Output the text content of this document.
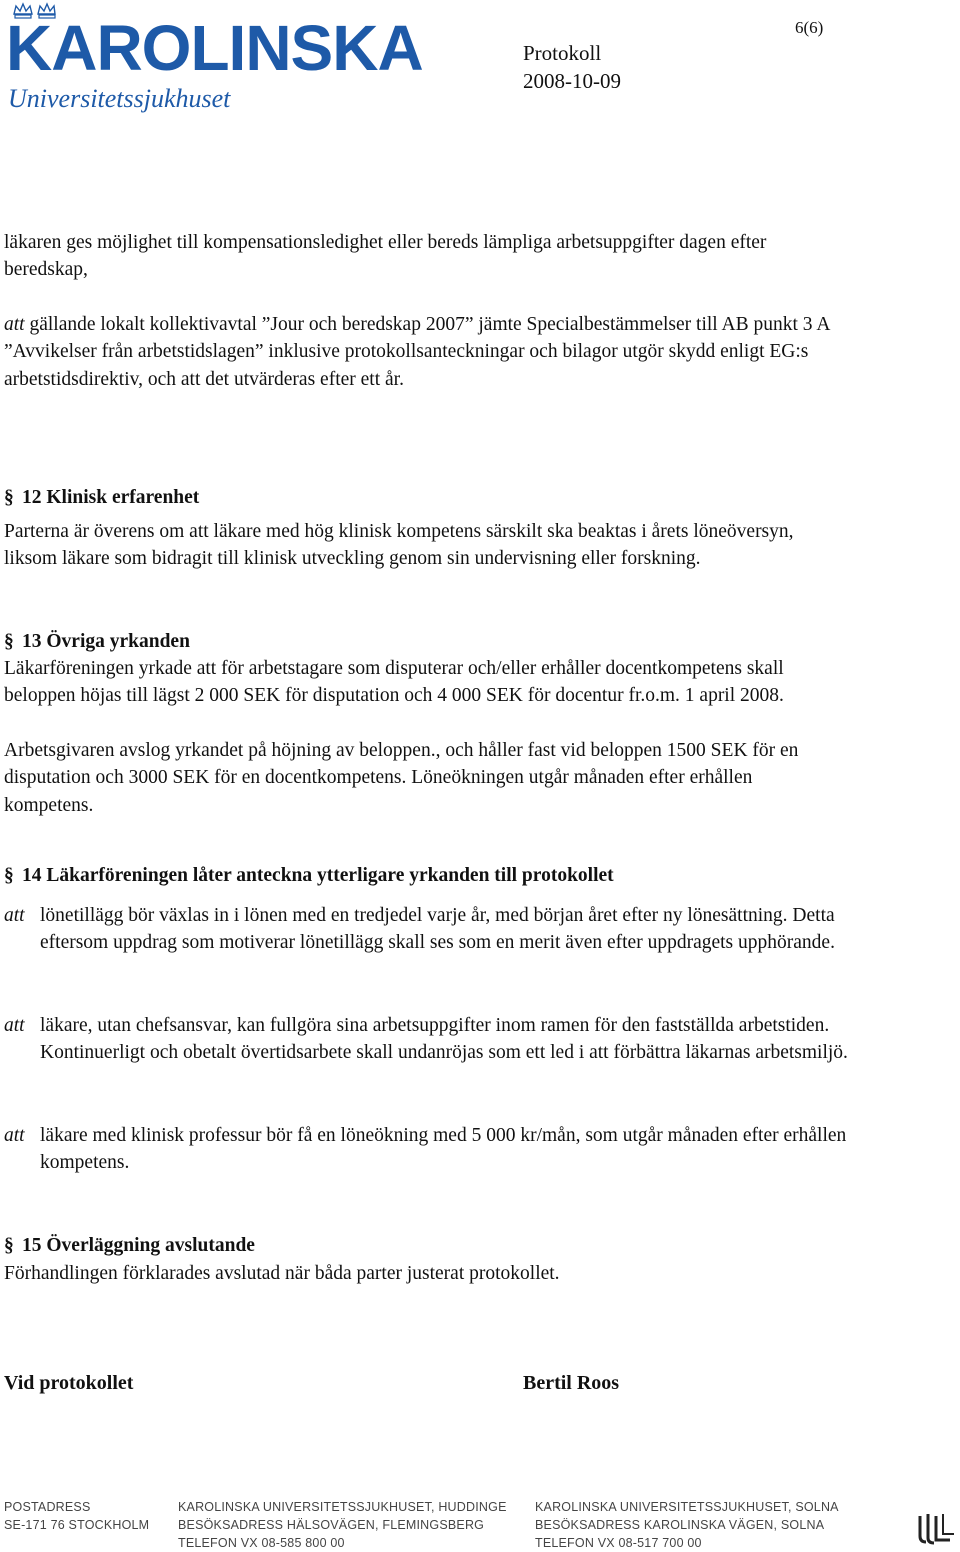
KAROLINSKA
Universitetssjukhuset
Protokoll
2008-10-09
6(6)

läkaren ges möjlighet till kompensationsledighet eller bereds lämpliga arbetsuppgifter dagen efter beredskap,

att gällande lokalt kollektivavtal ”Jour och beredskap 2007” jämte Specialbestämmelser till AB punkt 3 A ”Avvikelser från arbetstidslagen” inklusive protokollsanteckningar och bilagor utgör skydd enligt EG:s arbetstidsdirektiv, och att det utvärderas efter ett år.

§ 12 Klinisk erfarenhet

Parterna är överens om att läkare med hög klinisk kompetens särskilt ska beaktas i årets löneöversyn, liksom läkare som bidragit till klinisk utveckling genom sin undervisning eller forskning.

§ 13 Övriga yrkanden

Läkarföreningen yrkade att för arbetstagare som disputerar och/eller erhåller docentkompetens skall beloppen höjas till lägst 2 000 SEK för disputation och 4 000 SEK för docentur fr.o.m. 1 april 2008.

Arbetsgivaren avslog yrkandet på höjning av beloppen., och håller fast vid beloppen 1500 SEK för en disputation och 3000 SEK för en docentkompetens. Löneökningen utgår månaden efter erhållen kompetens.

§ 14 Läkarföreningen låter anteckna ytterligare yrkanden till protokollet
att lönetillägg bör växlas in i lönen med en tredjedel varje år, med början året efter ny lönesättning. Detta eftersom uppdrag som motiverar lönetillägg skall ses som en merit även efter uppdragets upphörande.
att läkare, utan chefsansvar, kan fullgöra sina arbetsuppgifter inom ramen för den fastställda arbetstiden. Kontinuerligt och obetalt övertidsarbete skall undanröjas som ett led i att förbättra läkarnas arbetsmiljö.
att läkare med klinisk professur bör få en löneökning med 5 000 kr/mån, som utgår månaden efter erhållen kompetens.
§ 15 Överläggning avslutande

Förhandlingen förklarades avslutad när båda parter justerat protokollet.

Vid protokollet	Bertil Roos
POSTADRESS
SE-171 76 STOCKHOLM
KAROLINSKA UNIVERSITETSSJUKHUSET, HUDDINGE
BESÖKSADRESS HÄLSOVÄGEN, FLEMINGSBERG
TELEFON VX 08-585 800 00
KAROLINSKA UNIVERSITETSSJUKHUSET, SOLNA
BESÖKSADRESS KAROLINSKA VÄGEN, SOLNA
TELEFON VX 08-517 700 00
